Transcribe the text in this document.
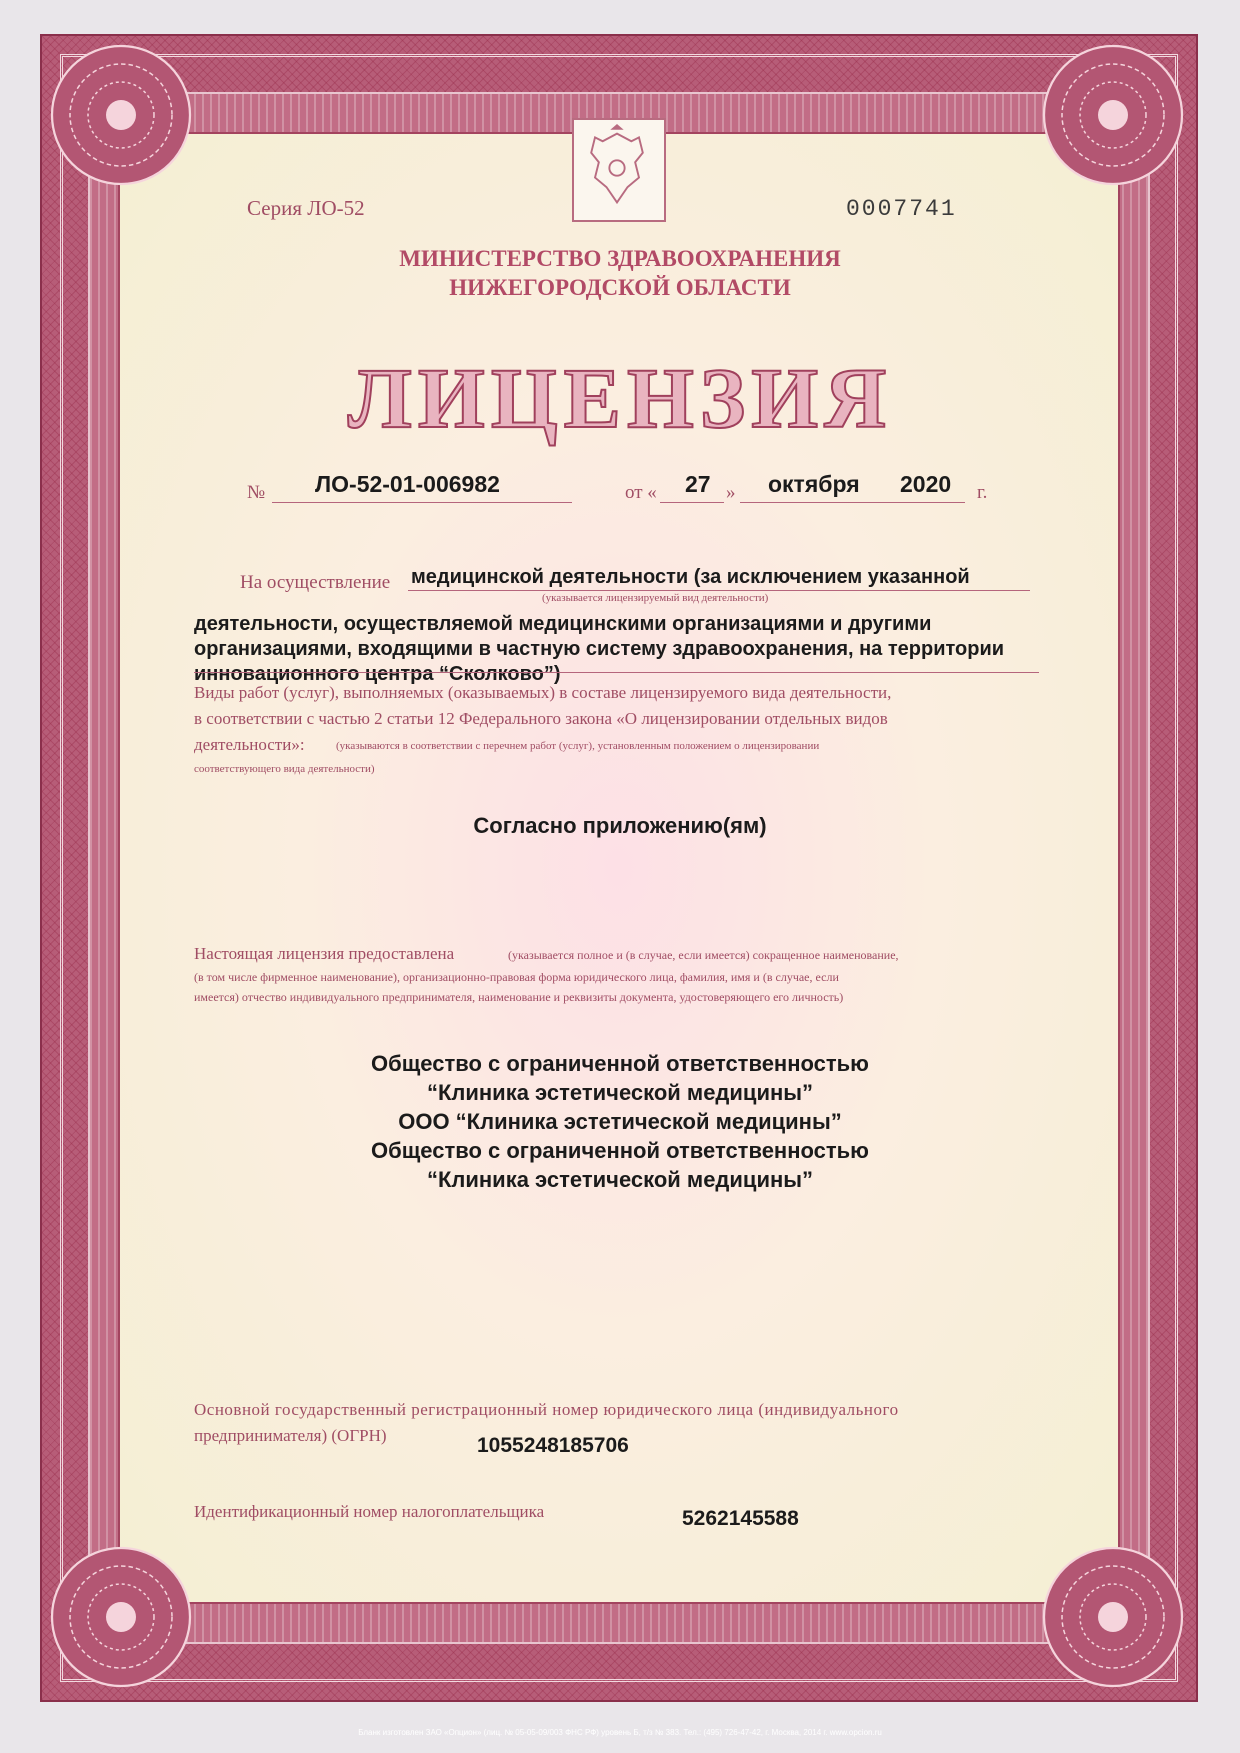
Серия ЛО-52	0007741
МИНИСТЕРСТВО ЗДРАВООХРАНЕНИЯ
НИЖЕГОРОДСКОЙ ОБЛАСТИ
ЛИЦЕНЗИЯ
№ ЛО-52-01-006982	от « 27 » октября 2020 г.
На осуществление медицинской деятельности (за исключением указанной
(указывается лицензируемый вид деятельности)
деятельности, осуществляемой медицинскими организациями и другими
организациями, входящими в частную систему здравоохранения, на территории
инновационного центра “Сколково”)
Виды работ (услуг), выполняемых (оказываемых) в составе лицензируемого вида деятельности,
в соответствии с частью 2 статьи 12 Федерального закона «О лицензировании отдельных видов
деятельности»:	(указываются в соответствии с перечнем работ (услуг), установленным положением о лицензировании
соответствующего вида деятельности)
Согласно приложению(ям)
Настоящая лицензия предоставлена	(указывается полное и (в случае, если имеется) сокращенное наименование,
(в том числе фирменное наименование), организационно-правовая форма юридического лица, фамилия, имя и (в случае, если
имеется) отчество индивидуального предпринимателя, наименование и реквизиты документа, удостоверяющего его личность)
Общество с ограниченной ответственностью
“Клиника эстетической медицины”
ООО “Клиника эстетической медицины”
Общество с ограниченной ответственностью
“Клиника эстетической медицины”
Основной государственный регистрационный номер юридического лица (индивидуального
предпринимателя) (ОГРН)	1055248185706
Идентификационный номер налогоплательщика	5262145588
Бланк изготовлен ЗАО «Опцион» (лиц. № 05-05-09/003 ФНС РФ) уровень Б, т/з № 383. Тел.: (495) 726-47-42, г. Москва, 2014 г. www.opcion.ru
